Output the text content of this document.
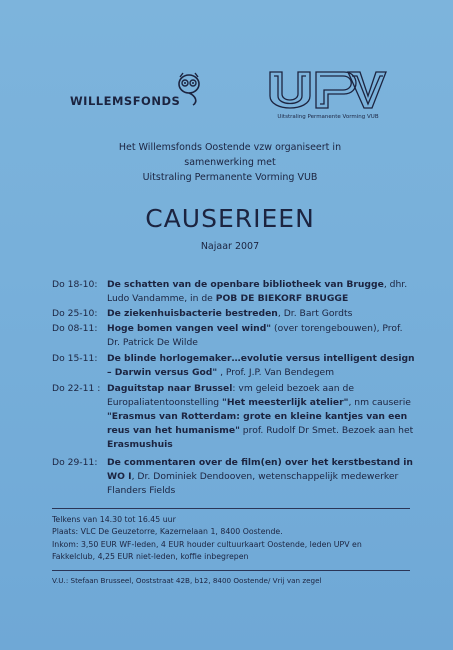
WILLEMSFONDS
Uitstraling Permanente Vorming VUB
Het Willemsfonds Oostende vzw organiseert in
samenwerking met
Uitstraling Permanente Vorming VUB
CAUSERIEEN
Najaar 2007
Do 18-10:	De schatten van de openbare bibliotheek van Brugge, dhr. Ludo Vandamme, in de POB DE BIEKORF BRUGGE
Do 25-10:	De ziekenhuisbacterie bestreden, Dr. Bart Gordts
Do 08-11:	Hoge bomen vangen veel wind" (over torengebouwen), Prof. Dr. Patrick De Wilde
Do 15-11:	De blinde horlogemaker…evolutie versus intelligent design – Darwin versus God" , Prof. J.P. Van Bendegem
Do 22-11 : Daguitstap naar Brussel: vm geleid bezoek aan de Europaliatentoonstelling "Het meesterlijk atelier", nm causerie "Erasmus van Rotterdam: grote en kleine kantjes van een reus van het humanisme" prof. Rudolf Dr Smet. Bezoek aan het Erasmushuis
Do 29-11:	De commentaren over de film(en) over het kerstbestand in WO I, Dr. Dominiek Dendooven, wetenschappelijk medewerker Flanders Fields
Telkens van 14.30 tot 16.45 uur
Plaats: VLC De Geuzetorre, Kazernelaan 1, 8400 Oostende.
Inkom: 3,50 EUR WF-leden, 4 EUR houder cultuurkaart Oostende, leden UPV en
Fakkelclub, 4,25 EUR niet-leden, koffie inbegrepen
V.U.: Stefaan Brusseel, Ooststraat 42B, b12, 8400 Oostende/ Vrij van zegel
